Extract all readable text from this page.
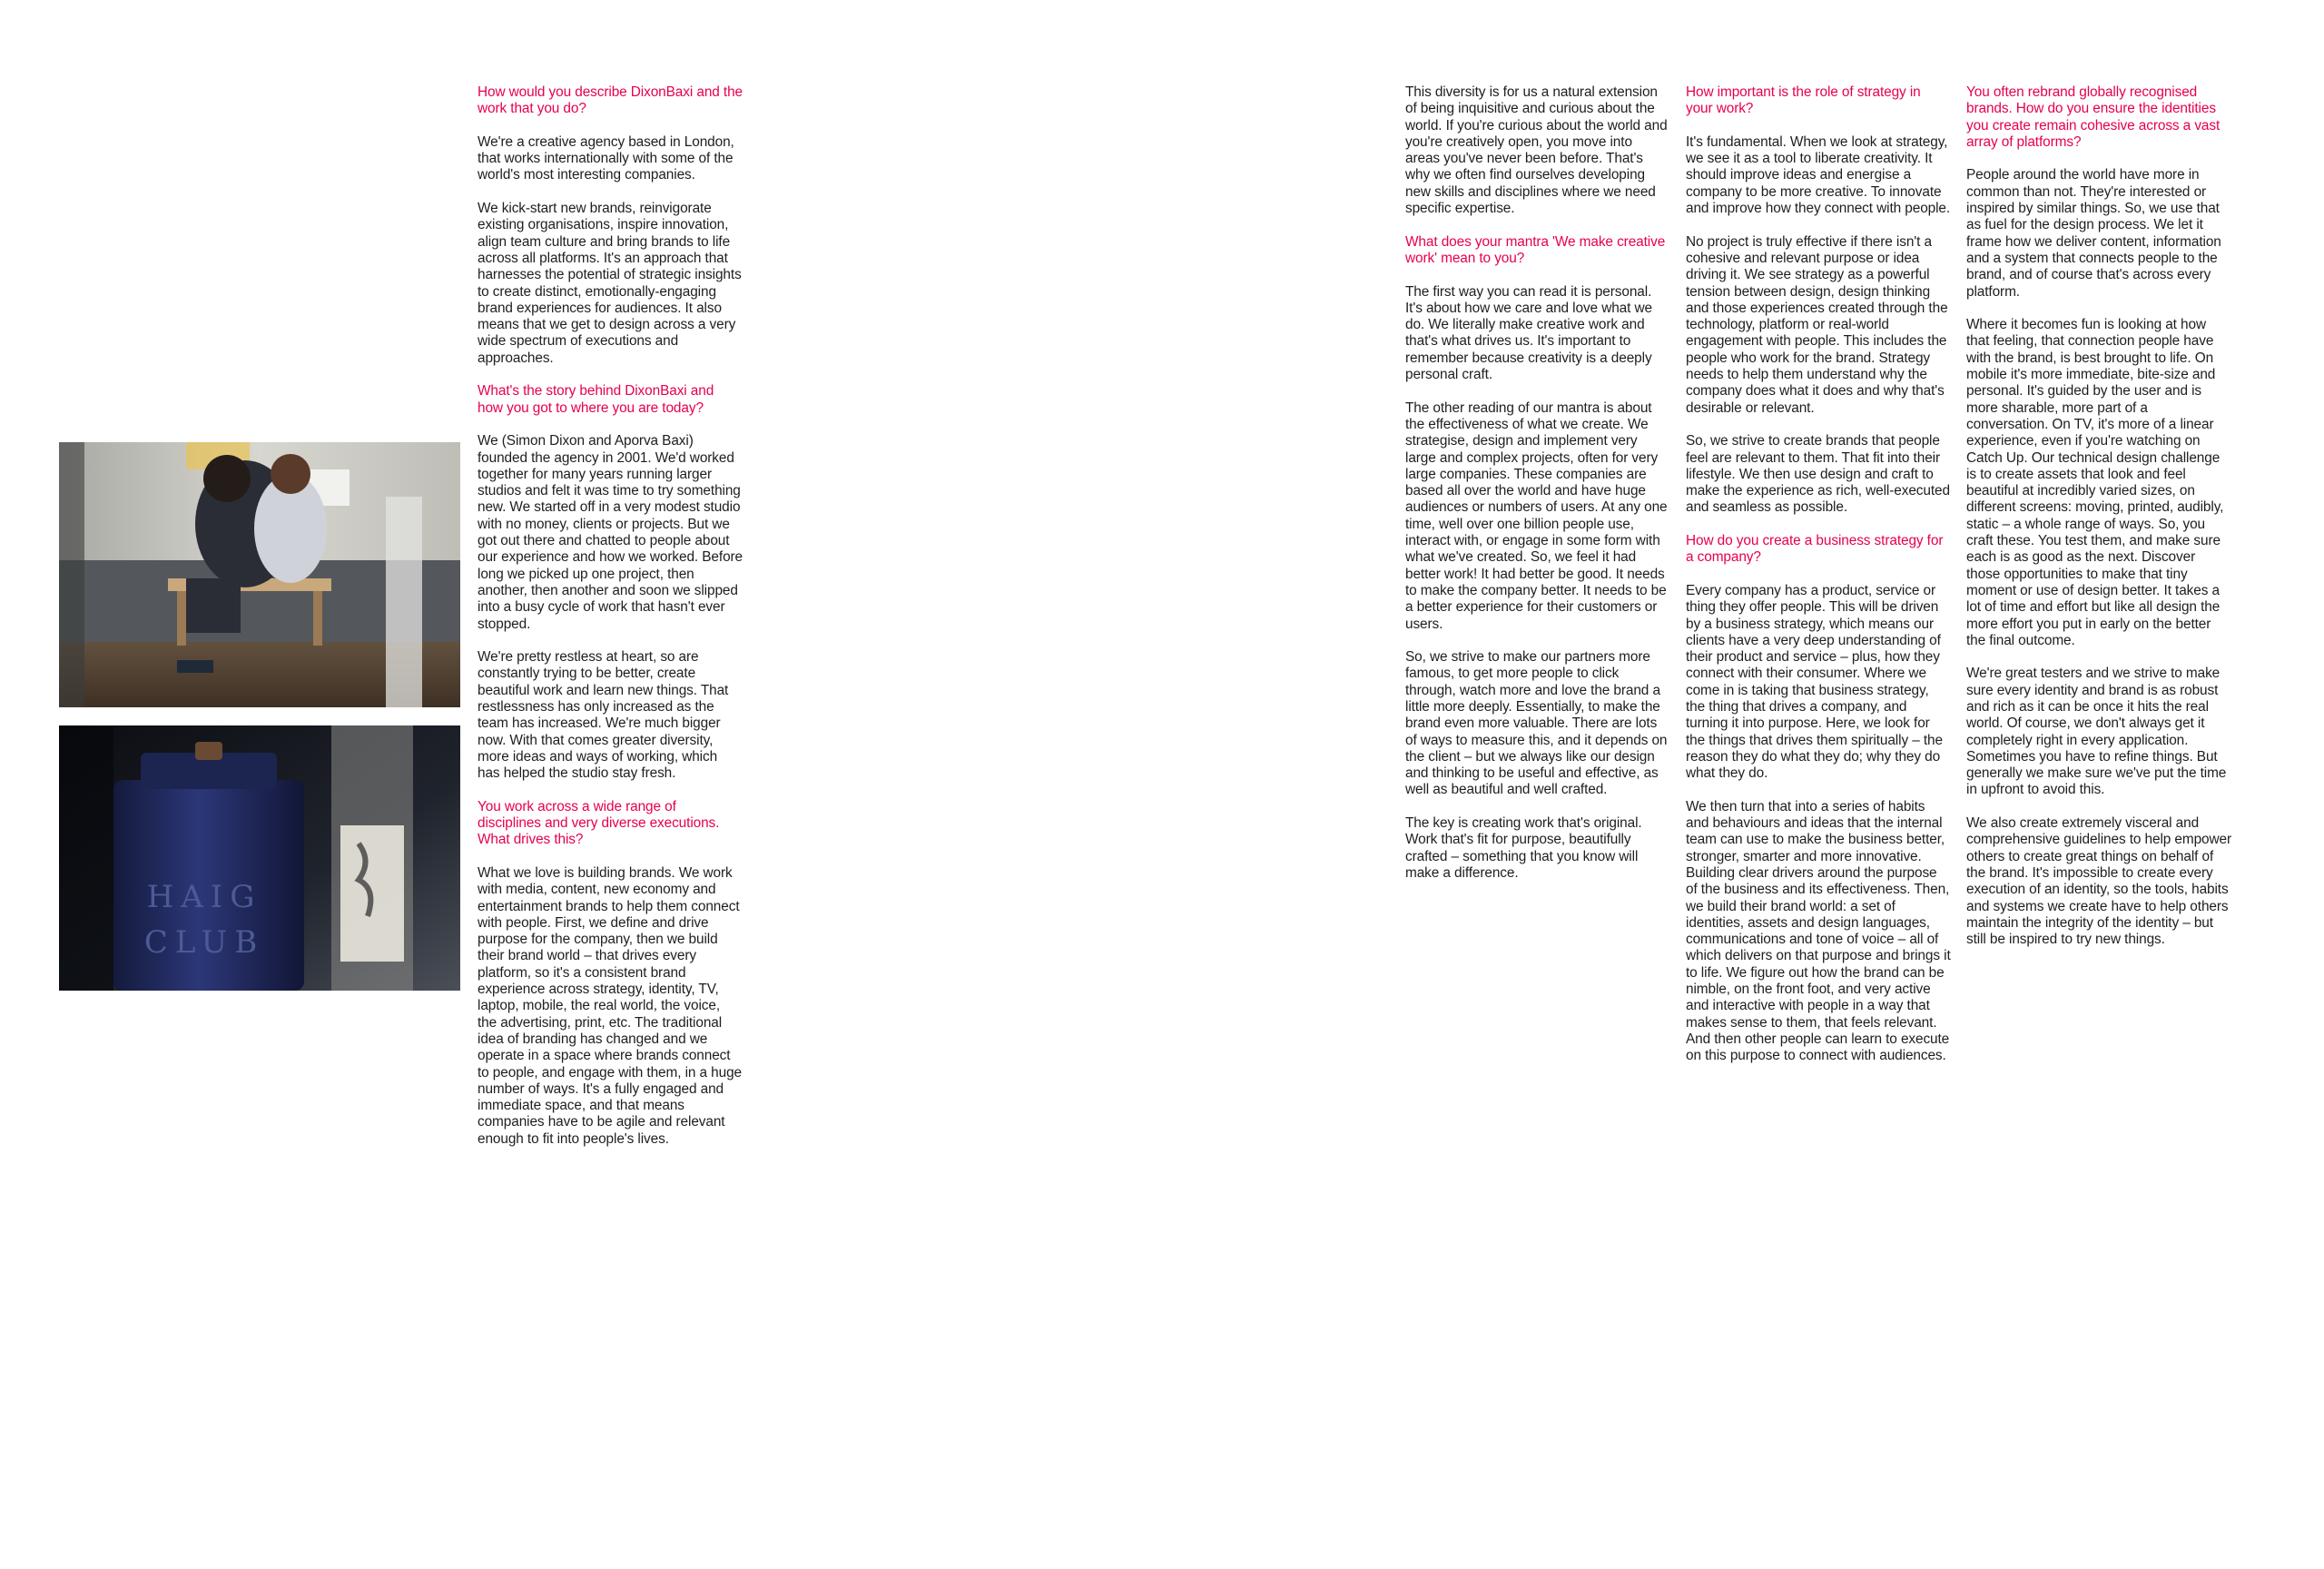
How would you describe DixonBaxi and the work that you do?

We're a creative agency based in London, that works internationally with some of the world's most interesting companies.

We kick-start new brands, reinvigorate existing organisations, inspire innovation, align team culture and bring brands to life across all platforms. It's an approach that harnesses the potential of strategic insights to create distinct, emotionally-engaging brand experiences for audiences. It also means that we get to design across a very wide spectrum of executions and approaches.

What's the story behind DixonBaxi and how you got to where you are today?

We (Simon Dixon and Aporva Baxi) founded the agency in 2001. We'd worked together for many years running larger studios and felt it was time to try something new. We started off in a very modest studio with no money, clients or projects. But we got out there and chatted to people about our experience and how we worked. Before long we picked up one project, then another, then another and soon we slipped into a busy cycle of work that hasn't ever stopped.

We're pretty restless at heart, so are constantly trying to be better, create beautiful work and learn new things. That restlessness has only increased as the team has increased. We're much bigger now. With that comes greater diversity, more ideas and ways of working, which has helped the studio stay fresh.

You work across a wide range of disciplines and very diverse executions. What drives this?

What we love is building brands. We work with media, content, new economy and entertainment brands to help them connect with people. First, we define and drive purpose for the company, then we build their brand world – that drives every platform, so it's a consistent brand experience across strategy, identity, TV, laptop, mobile, the real world, the voice, the advertising, print, etc. The traditional idea of branding has changed and we operate in a space where brands connect to people, and engage with them, in a huge number of ways. It's a fully engaged and immediate space, and that means companies have to be agile and relevant enough to fit into people's lives.

This diversity is for us a natural extension of being inquisitive and curious about the world. If you're curious about the world and you're creatively open, you move into areas you've never been before. That's why we often find ourselves developing new skills and disciplines where we need specific expertise.

What does your mantra 'We make creative work' mean to you?

The first way you can read it is personal. It's about how we care and love what we do. We literally make creative work and that's what drives us. It's important to remember because creativity is a deeply personal craft.

The other reading of our mantra is about the effectiveness of what we create. We strategise, design and implement very large and complex projects, often for very large companies. These companies are based all over the world and have huge audiences or numbers of users. At any one time, well over one billion people use, interact with, or engage in some form with what we've created. So, we feel it had better work! It had better be good. It needs to make the company better. It needs to be a better experience for their customers or users.

So, we strive to make our partners more famous, to get more people to click through, watch more and love the brand a little more deeply. Essentially, to make the brand even more valuable. There are lots of ways to measure this, and it depends on the client – but we always like our design and thinking to be useful and effective, as well as beautiful and well crafted.

The key is creating work that's original. Work that's fit for purpose, beautifully crafted – something that you know will make a difference.

How important is the role of strategy in your work?

It's fundamental. When we look at strategy, we see it as a tool to liberate creativity. It should improve ideas and energise a company to be more creative. To innovate and improve how they connect with people.

No project is truly effective if there isn't a cohesive and relevant purpose or idea driving it. We see strategy as a powerful tension between design, design thinking and those experiences created through the technology, platform or real-world engagement with people. This includes the people who work for the brand. Strategy needs to help them understand why the company does what it does and why that's desirable or relevant.

So, we strive to create brands that people feel are relevant to them. That fit into their lifestyle. We then use design and craft to make the experience as rich, well-executed and seamless as possible.

How do you create a business strategy for a company?

Every company has a product, service or thing they offer people. This will be driven by a business strategy, which means our clients have a very deep understanding of their product and service – plus, how they connect with their consumer. Where we come in is taking that business strategy, the thing that drives a company, and turning it into purpose. Here, we look for the things that drives them spiritually – the reason they do what they do; why they do what they do.

We then turn that into a series of habits and behaviours and ideas that the internal team can use to make the business better, stronger, smarter and more innovative. Building clear drivers around the purpose of the business and its effectiveness. Then, we build their brand world: a set of identities, assets and design languages, communications and tone of voice – all of which delivers on that purpose and brings it to life. We figure out how the brand can be nimble, on the front foot, and very active and interactive with people in a way that makes sense to them, that feels relevant. And then other people can learn to execute on this purpose to connect with audiences.

You often rebrand globally recognised brands. How do you ensure the identities you create remain cohesive across a vast array of platforms?

People around the world have more in common than not. They're interested or inspired by similar things. So, we use that as fuel for the design process. We let it frame how we deliver content, information and a system that connects people to the brand, and of course that's across every platform.

Where it becomes fun is looking at how that feeling, that connection people have with the brand, is best brought to life. On mobile it's more immediate, bite-size and personal. It's guided by the user and is more sharable, more part of a conversation. On TV, it's more of a linear experience, even if you're watching on Catch Up. Our technical design challenge is to create assets that look and feel beautiful at incredibly varied sizes, on different screens: moving, printed, audibly, static – a whole range of ways. So, you craft these. You test them, and make sure each is as good as the next. Discover those opportunities to make that tiny moment or use of design better. It takes a lot of time and effort but like all design the more effort you put in early on the better the final outcome.

We're great testers and we strive to make sure every identity and brand is as robust and rich as it can be once it hits the real world. Of course, we don't always get it completely right in every application. Sometimes you have to refine things. But generally we make sure we've put the time in upfront to avoid this.

We also create extremely visceral and comprehensive guidelines to help empower others to create great things on behalf of the brand. It's impossible to create every execution of an identity, so the tools, habits and systems we create have to help others maintain the integrity of the identity – but still be inspired to try new things.

HAIG
CLUB
